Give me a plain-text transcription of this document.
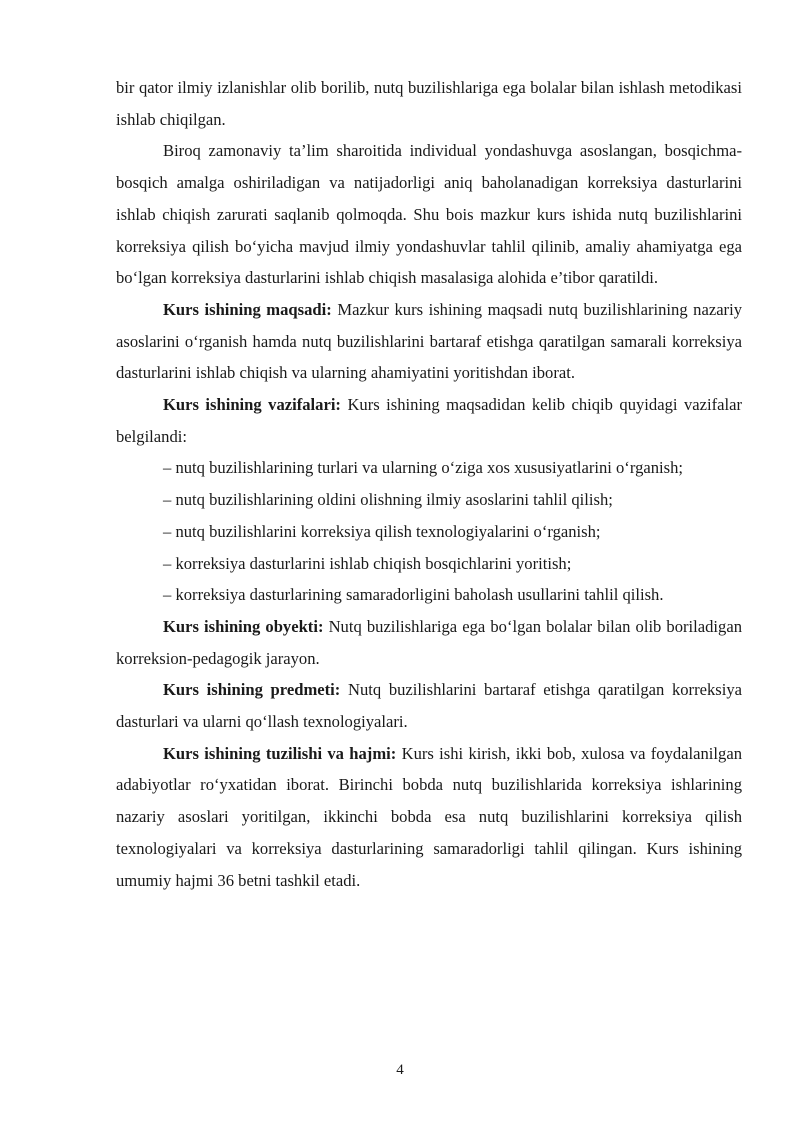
bir qator ilmiy izlanishlar olib borilib, nutq buzilishlariga ega bolalar bilan ishlash metodikasi ishlab chiqilgan.

Biroq zamonaviy ta’lim sharoitida individual yondashuvga asoslangan, bosqichma-bosqich amalga oshiriladigan va natijadorligi aniq baholanadigan korreksiya dasturlarini ishlab chiqish zarurati saqlanib qolmoqda. Shu bois mazkur kurs ishida nutq buzilishlarini korreksiya qilish bo‘yicha mavjud ilmiy yondashuvlar tahlil qilinib, amaliy ahamiyatga ega bo‘lgan korreksiya dasturlarini ishlab chiqish masalasiga alohida e’tibor qaratildi.

Kurs ishining maqsadi: Mazkur kurs ishining maqsadi nutq buzilishlarining nazariy asoslarini o‘rganish hamda nutq buzilishlarini bartaraf etishga qaratilgan samarali korreksiya dasturlarini ishlab chiqish va ularning ahamiyatini yoritishdan iborat.

Kurs ishining vazifalari: Kurs ishining maqsadidan kelib chiqib quyidagi vazifalar belgilandi:

– nutq buzilishlarining turlari va ularning o‘ziga xos xususiyatlarini o‘rganish;

– nutq buzilishlarining oldini olishning ilmiy asoslarini tahlil qilish;

– nutq buzilishlarini korreksiya qilish texnologiyalarini o‘rganish;

– korreksiya dasturlarini ishlab chiqish bosqichlarini yoritish;

– korreksiya dasturlarining samaradorligini baholash usullarini tahlil qilish.

Kurs ishining obyekti: Nutq buzilishlariga ega bo‘lgan bolalar bilan olib boriladigan korreksion-pedagogik jarayon.

Kurs ishining predmeti: Nutq buzilishlarini bartaraf etishga qaratilgan korreksiya dasturlari va ularni qo‘llash texnologiyalari.

Kurs ishining tuzilishi va hajmi: Kurs ishi kirish, ikki bob, xulosa va foydalanilgan adabiyotlar ro‘yxatidan iborat. Birinchi bobda nutq buzilishlarida korreksiya ishlarining nazariy asoslari yoritilgan, ikkinchi bobda esa nutq buzilishlarini korreksiya qilish texnologiyalari va korreksiya dasturlarining samaradorligi tahlil qilingan. Kurs ishining umumiy hajmi 36 betni tashkil etadi.

4
